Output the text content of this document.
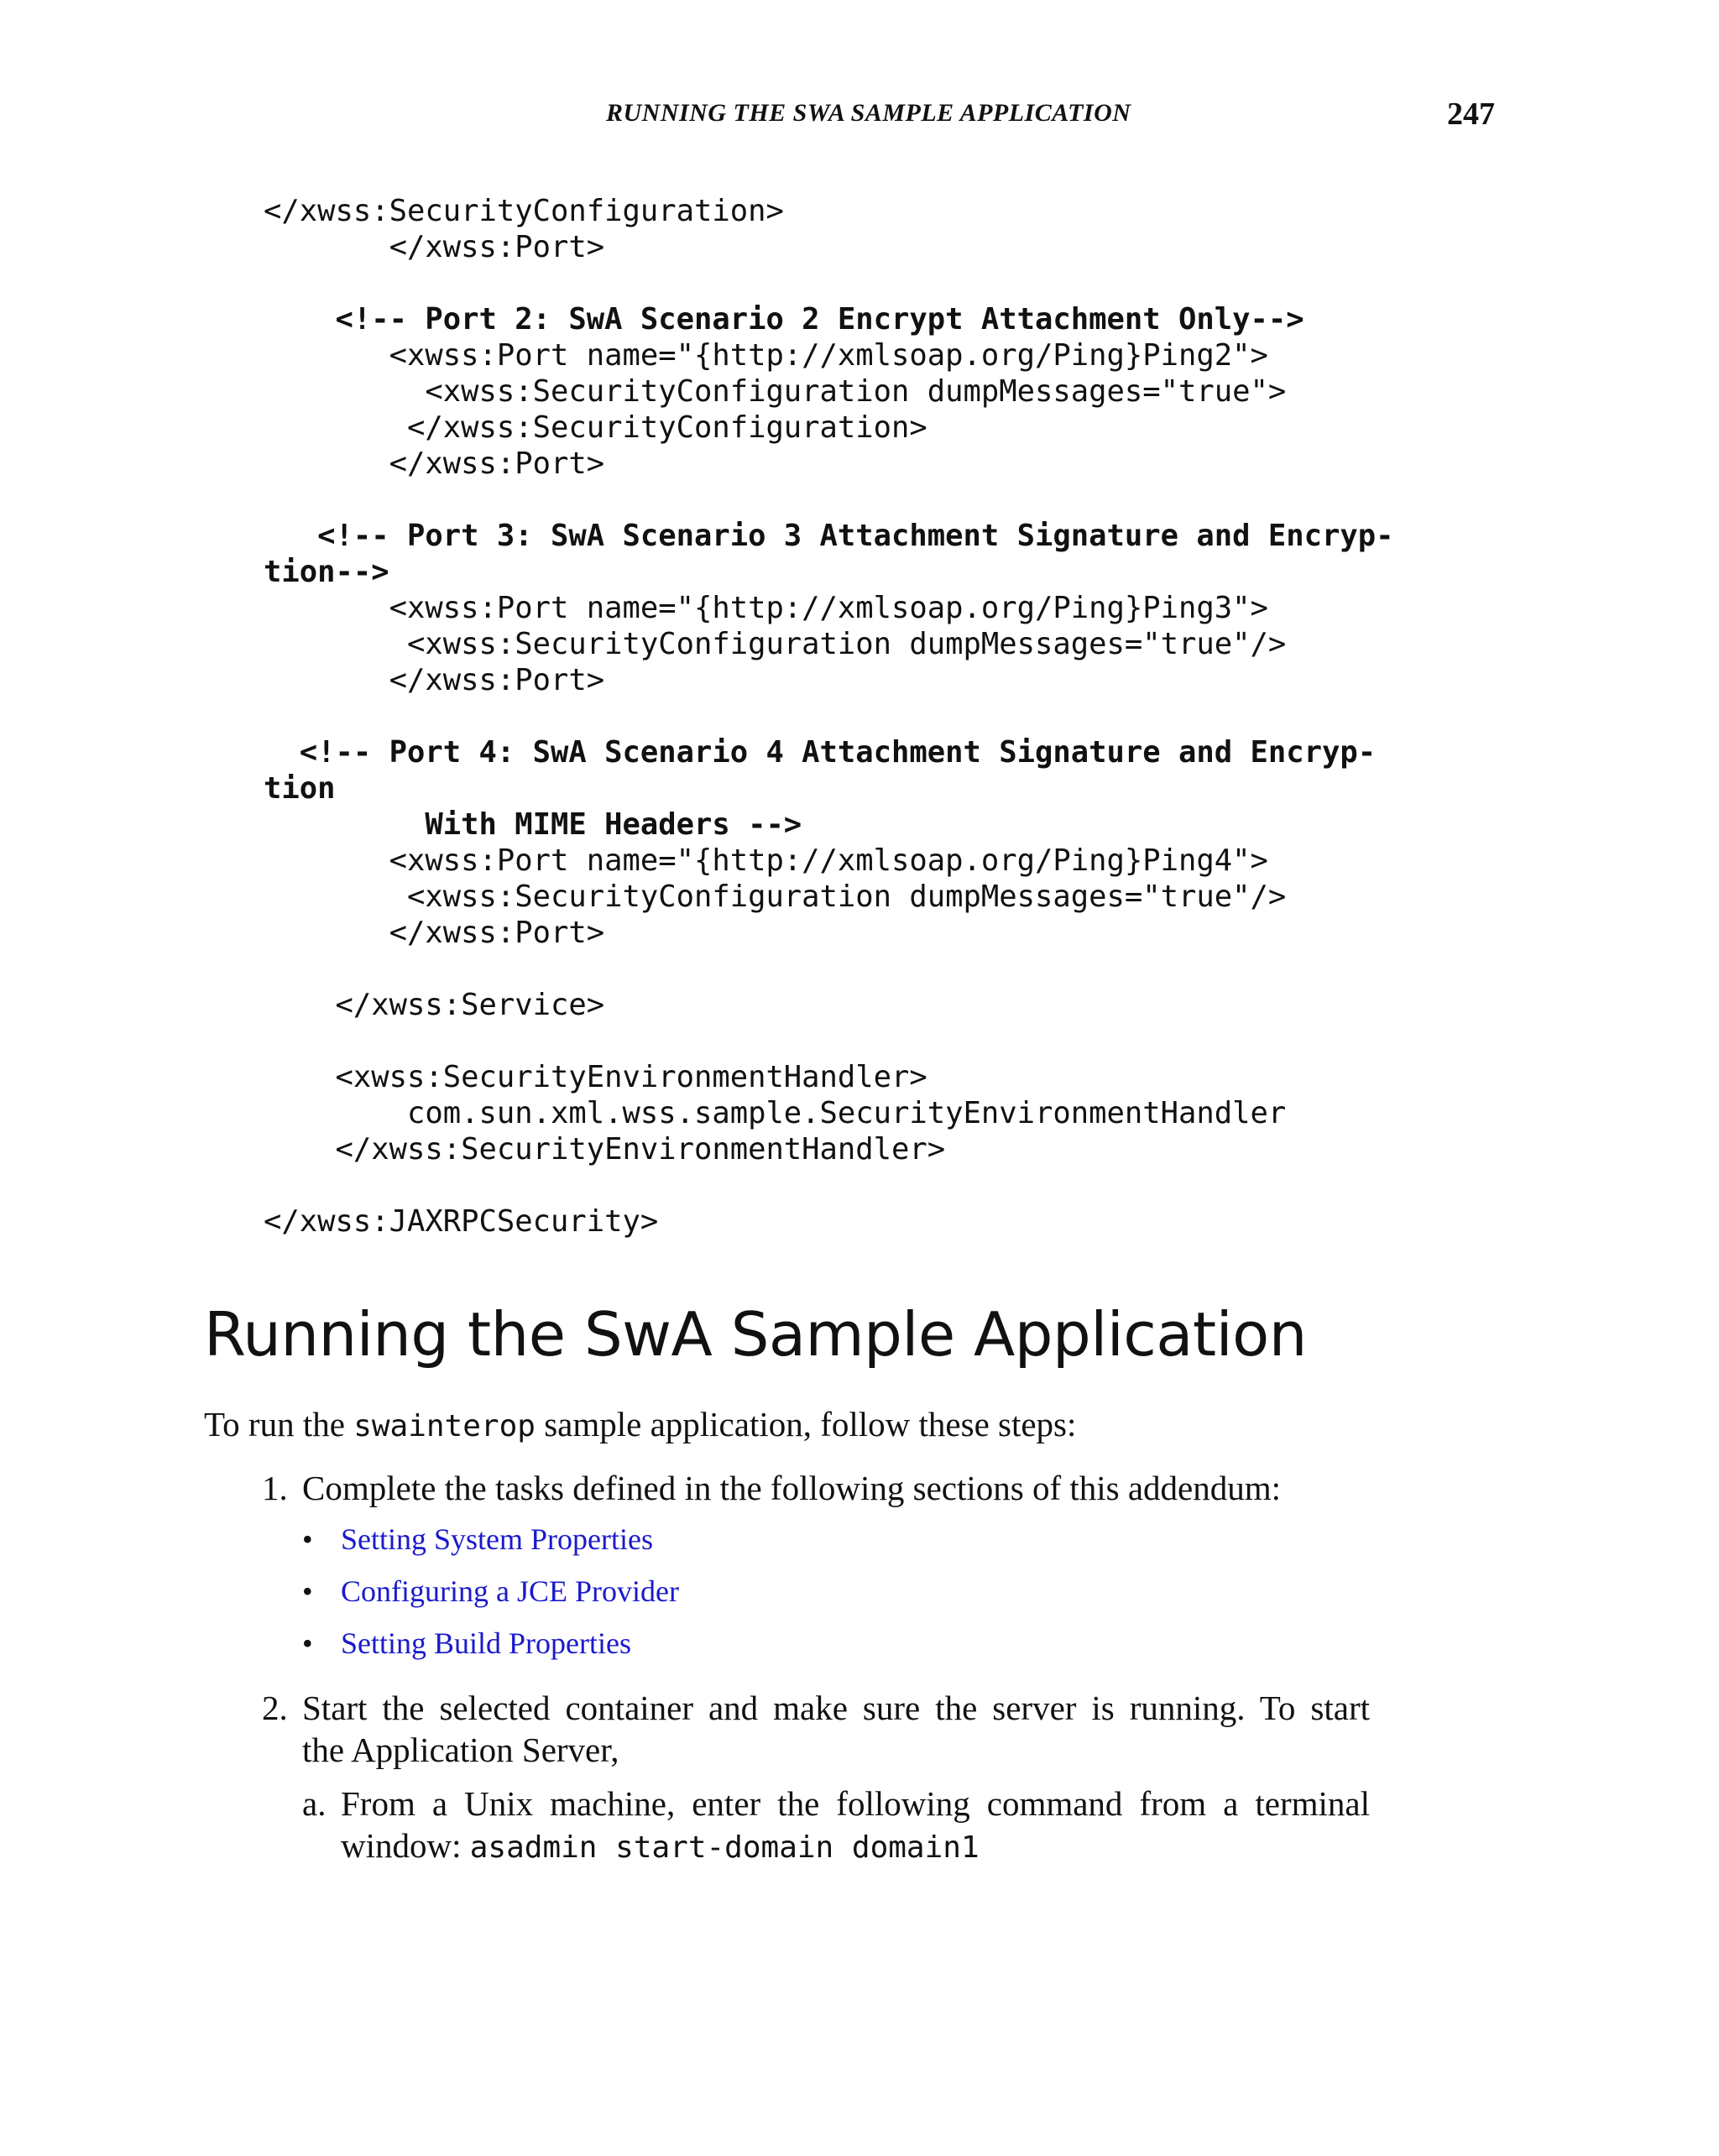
RUNNING THE SWA SAMPLE APPLICATION	247
</xwss:SecurityConfiguration>
</xwss:Port>
<!-- Port 2: SwA Scenario 2 Encrypt Attachment Only-->
<xwss:Port name="{http://xmlsoap.org/Ping}Ping2">
<xwss:SecurityConfiguration dumpMessages="true">
</xwss:SecurityConfiguration>
</xwss:Port>
<!-- Port 3: SwA Scenario 3 Attachment Signature and Encryp-
tion-->
<xwss:Port name="{http://xmlsoap.org/Ping}Ping3">
<xwss:SecurityConfiguration dumpMessages="true"/>
</xwss:Port>
<!-- Port 4: SwA Scenario 4 Attachment Signature and Encryp-
tion
With MIME Headers -->
<xwss:Port name="{http://xmlsoap.org/Ping}Ping4">
<xwss:SecurityConfiguration dumpMessages="true"/>
</xwss:Port>
</xwss:Service>
<xwss:SecurityEnvironmentHandler>
com.sun.xml.wss.sample.SecurityEnvironmentHandler
</xwss:SecurityEnvironmentHandler>
</xwss:JAXRPCSecurity>
Running the SwA Sample Application
To run the swainterop sample application, follow these steps:
1. Complete the tasks defined in the following sections of this addendum:
• Setting System Properties
• Configuring a JCE Provider
• Setting Build Properties
2. Start the selected container and make sure the server is running. To start
the Application Server,
a. From a Unix machine, enter the following command from a terminal
window: asadmin start-domain domain1
